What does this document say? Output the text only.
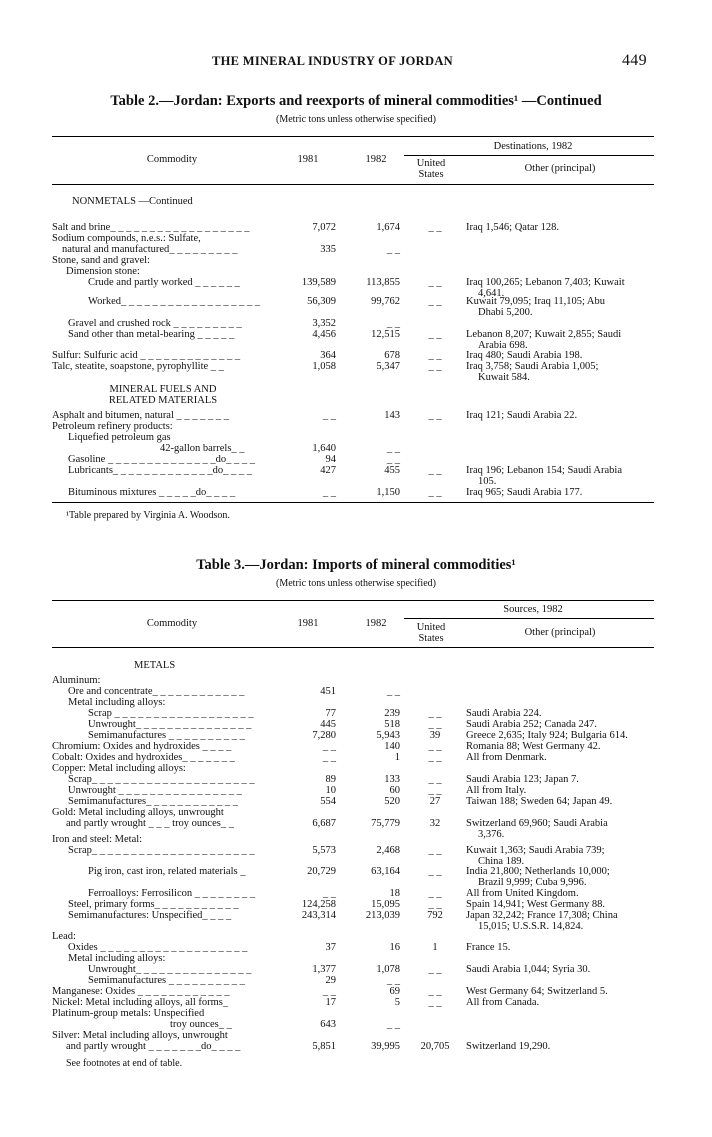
THE MINERAL INDUSTRY OF JORDAN	449
Table 2.—Jordan: Exports and reexports of mineral commodities¹ —Continued
(Metric tons unless otherwise specified)
Destinations, 1982
Commodity	1981	1982	United States
Other (principal)
NONMETALS —Continued
Salt and brine_ _ _ _ _ _ _ _ _ _ _ _ _ _ _ _ _ _	7,072	1,674	_ _	Iraq 1,546; Qatar 128.
Sodium compounds, n.e.s.: Sulfate,
natural and manufactured_ _ _ _ _ _ _ _ _	335	_ _
Stone, sand and gravel:
Dimension stone:
Crude and partly worked _ _ _ _ _ _	139,589	113,855	_ _	Iraq 100,265; Lebanon 7,403; Kuwait
4,641.
Worked_ _ _ _ _ _ _ _ _ _ _ _ _ _ _ _ _ _	56,309	99,762	_ _	Kuwait 79,095; Iraq 11,105; Abu
Dhabi 5,200.
Gravel and crushed rock _ _ _ _ _ _ _ _ _	3,352	_ _
Sand other than metal-bearing _ _ _ _ _	4,456	12,515	_ _	Lebanon 8,207; Kuwait 2,855; Saudi
Arabia 698.
Sulfur: Sulfuric acid _ _ _ _ _ _ _ _ _ _ _ _ _	364	678	_ _	Iraq 480; Saudi Arabia 198.
Talc, steatite, soapstone, pyrophyllite _ _	1,058	5,347	_ _	Iraq 3,758; Saudi Arabia 1,005;
Kuwait 584.
Asphalt and bitumen, natural _ _ _ _ _ _ _	_ _	143	_ _	Iraq 121; Saudi Arabia 22.
Petroleum refinery products:
Liquefied petroleum gas
42-gallon barrels_ _	1,640	_ _
Gasoline _ _ _ _ _ _ _ _ _ _ _ _ _ _do_ _ _ _	94	_ _
Lubricants_ _ _ _ _ _ _ _ _ _ _ _ _do_ _ _ _	427	455	_ _	Iraq 196; Lebanon 154; Saudi Arabia
105.
Bituminous mixtures _ _ _ _ _do_ _ _ _	_ _	1,150	_ _	Iraq 965; Saudi Arabia 177.
MINERAL FUELS AND RELATED MATERIALS
¹Table prepared by Virginia A. Woodson.
Table 3.—Jordan: Imports of mineral commodities¹
(Metric tons unless otherwise specified)
Sources, 1982
Commodity	1981	1982	United States
Other (principal)
METALS
Aluminum:
Ore and concentrate_ _ _ _ _ _ _ _ _ _ _ _	451	_ _
Metal including alloys:
Scrap _ _ _ _ _ _ _ _ _ _ _ _ _ _ _ _ _ _	77	239	_ _	Saudi Arabia 224.
Unwrought_ _ _ _ _ _ _ _ _ _ _ _ _ _ _	445	518	_ _	Saudi Arabia 252; Canada 247.
Semimanufactures _ _ _ _ _ _ _ _ _ _	7,280	5,943	39	Greece 2,635; Italy 924; Bulgaria 614.
Chromium: Oxides and hydroxides _ _ _ _	_ _	140	_ _	Romania 88; West Germany 42.
Cobalt: Oxides and hydroxides_ _ _ _ _ _ _	_ _	1	_ _	All from Denmark.
Copper: Metal including alloys:
Scrap_ _ _ _ _ _ _ _ _ _ _ _ _ _ _ _ _ _ _ _ _	89	133	_ _	Saudi Arabia 123; Japan 7.
Unwrought _ _ _ _ _ _ _ _ _ _ _ _ _ _ _ _	10	60	_ _	All from Italy.
Semimanufactures_ _ _ _ _ _ _ _ _ _ _ _	554	520	27	Taiwan 188; Sweden 64; Japan 49.
Gold: Metal including alloys, unwrought
and partly wrought _ _ _ troy ounces_ _	6,687	75,779	32	Switzerland 69,960; Saudi Arabia
3,376.
Iron and steel: Metal:
Scrap_ _ _ _ _ _ _ _ _ _ _ _ _ _ _ _ _ _ _ _ _	5,573	2,468	_ _	Kuwait 1,363; Saudi Arabia 739;
China 189.
Pig iron, cast iron, related materials _	20,729	63,164	_ _	India 21,800; Netherlands 10,000;
Brazil 9,999; Cuba 9,996.
Ferroalloys: Ferrosilicon _ _ _ _ _ _ _ _	_ _	18	_ _	All from United Kingdom.
Steel, primary forms_ _ _ _ _ _ _ _ _ _ _	124,258	15,095	_ _	Spain 14,941; West Germany 88.
Semimanufactures: Unspecified_ _ _ _	243,314	213,039	792	Japan 32,242; France 17,308; China
15,015; U.S.S.R. 14,824.
Lead:
Oxides _ _ _ _ _ _ _ _ _ _ _ _ _ _ _ _ _ _ _	37	16	1	France 15.
Metal including alloys:
Unwrought_ _ _ _ _ _ _ _ _ _ _ _ _ _ _	1,377	1,078	_ _	Saudi Arabia 1,044; Syria 30.
Semimanufactures _ _ _ _ _ _ _ _ _ _	29	_ _
Manganese: Oxides _ _ _ _ _ _ _ _ _ _ _ _	_ _	69	_ _	West Germany 64; Switzerland 5.
Nickel: Metal including alloys, all forms_	17	5	_ _	All from Canada.
Platinum-group metals: Unspecified
troy ounces_ _	643	_ _
Silver: Metal including alloys, unwrought
and partly wrought _ _ _ _ _ _ _do_ _ _ _	5,851	39,995	20,705	Switzerland 19,290.
See footnotes at end of table.
